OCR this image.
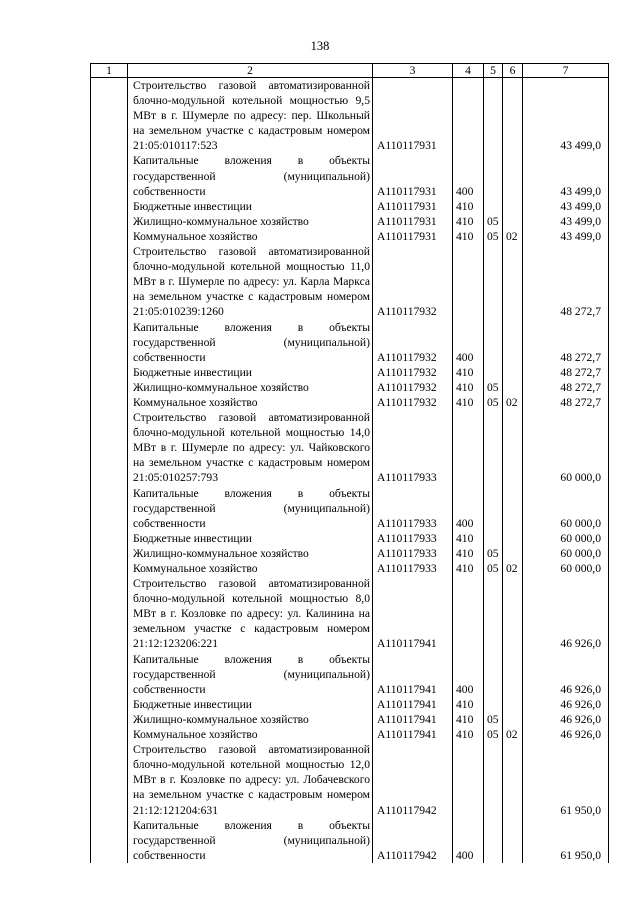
138
1	2	3	4	5	6	7
	Строительство газовой автоматизированной блочно-модульной котельной мощностью 9,5 МВт в г. Шумерле по адресу: пер. Школьный на земельном участке с кадастровым номером 21:05:010117:523	А110117931				43 499,0
	Капитальные вложения в объекты государственной (муниципальной) собственности	А110117931	400			43 499,0
	Бюджетные инвестиции	А110117931	410			43 499,0
	Жилищно-коммунальное хозяйство	А110117931	410	05		43 499,0
	Коммунальное хозяйство	А110117931	410	05	02	43 499,0
	Строительство газовой автоматизированной блочно-модульной котельной мощностью 11,0 МВт в г. Шумерле по адресу: ул. Карла Маркса на земельном участке с кадастровым номером 21:05:010239:1260	А110117932				48 272,7
	Капитальные вложения в объекты государственной (муниципальной) собственности	А110117932	400			48 272,7
	Бюджетные инвестиции	А110117932	410			48 272,7
	Жилищно-коммунальное хозяйство	А110117932	410	05		48 272,7
	Коммунальное хозяйство	А110117932	410	05	02	48 272,7
	Строительство газовой автоматизированной блочно-модульной котельной мощностью 14,0 МВт в г. Шумерле по адресу: ул. Чайковского на земельном участке с кадастровым номером 21:05:010257:793	А110117933				60 000,0
	Капитальные вложения в объекты государственной (муниципальной) собственности	А110117933	400			60 000,0
	Бюджетные инвестиции	А110117933	410			60 000,0
	Жилищно-коммунальное хозяйство	А110117933	410	05		60 000,0
	Коммунальное хозяйство	А110117933	410	05	02	60 000,0
	Строительство газовой автоматизированной блочно-модульной котельной мощностью 8,0 МВт в г. Козловке по адресу: ул. Калинина на земельном участке с кадастровым номером 21:12:123206:221	А110117941				46 926,0
	Капитальные вложения в объекты государственной (муниципальной) собственности	А110117941	400			46 926,0
	Бюджетные инвестиции	А110117941	410			46 926,0
	Жилищно-коммунальное хозяйство	А110117941	410	05		46 926,0
	Коммунальное хозяйство	А110117941	410	05	02	46 926,0
	Строительство газовой автоматизированной блочно-модульной котельной мощностью 12,0 МВт в г. Козловке по адресу: ул. Лобачевского на земельном участке с кадастровым номером 21:12:121204:631	А110117942				61 950,0
	Капитальные вложения в объекты государственной (муниципальной) собственности	А110117942	400			61 950,0
